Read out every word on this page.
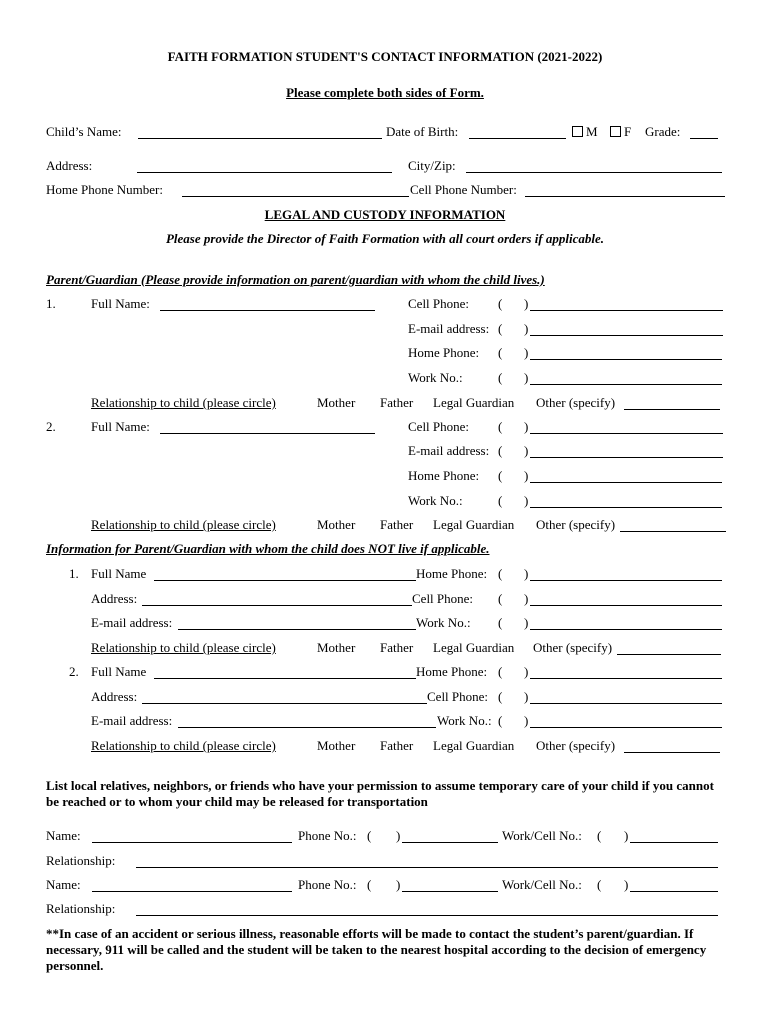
FAITH FORMATION STUDENT'S CONTACT INFORMATION (2021-2022)
Please complete both sides of Form.
Child’s Name:	Date of Birth:	M F Grade:
Address:	City/Zip:
Home Phone Number:	Cell Phone Number:
LEGAL AND CUSTODY INFORMATION
Please provide the Director of Faith Formation with all court orders if applicable.
Parent/Guardian (Please provide information on parent/guardian with whom the child lives.)
1.	Full Name:	Cell Phone: ( )
E-mail address: ( )
Home Phone: ( )
Work No.:	( )
Relationship to child (please circle)	Mother Father Legal Guardian Other (specify)
2.	Full Name:	Cell Phone: ( )
E-mail address: ( )
Home Phone: ( )
Work No.:	( )
Relationship to child (please circle)	Mother Father Legal Guardian Other (specify)
Information for Parent/Guardian with whom the child does NOT live if applicable.
1. Full Name	Home Phone: ( )
Address:	Cell Phone: ( )
E-mail address:	Work No.: ( )
Relationship to child (please circle)	Mother Father Legal Guardian Other (specify)
2. Full Name	Home Phone: ( )
Address:	Cell Phone: ( )
E-mail address:	Work No.: ( )
Relationship to child (please circle)	Mother Father Legal Guardian Other (specify)
List local relatives, neighbors, or friends who have your permission to assume temporary care of your child if you cannot be reached or to whom your child may be released for transportation
Name:	Phone No.: ( )	Work/Cell No.: ( )
Relationship:
Name:	Phone No.: ( )	Work/Cell No.: ( )
Relationship:
**In case of an accident or serious illness, reasonable efforts will be made to contact the student’s parent/guardian. If necessary, 911 will be called and the student will be taken to the nearest hospital according to the decision of emergency personnel.
